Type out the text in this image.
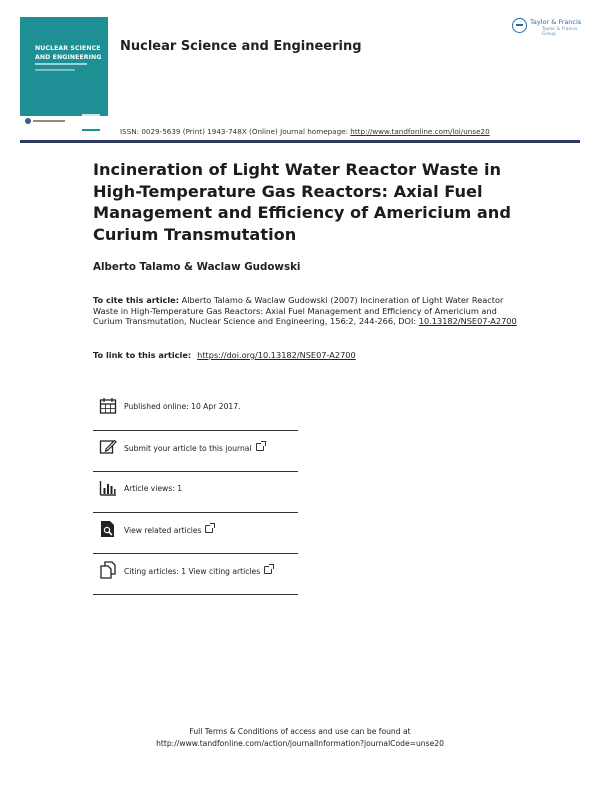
NUCLEAR SCIENCE AND ENGINEERING
Nuclear Science and Engineering
Taylor & Francis
Taylor & Francis Group
ISSN: 0029-5639 (Print) 1943-748X (Online) Journal homepage: http://www.tandfonline.com/loi/unse20
Incineration of Light Water Reactor Waste in High-Temperature Gas Reactors: Axial Fuel Management and Efficiency of Americium and Curium Transmutation
Alberto Talamo & Waclaw Gudowski
To cite this article: Alberto Talamo & Waclaw Gudowski (2007) Incineration of Light Water Reactor Waste in High-Temperature Gas Reactors: Axial Fuel Management and Efficiency of Americium and Curium Transmutation, Nuclear Science and Engineering, 156:2, 244-266, DOI: 10.13182/NSE07-A2700
To link to this article: https://doi.org/10.13182/NSE07-A2700
Published online: 10 Apr 2017.
Submit your article to this journal
Article views: 1
View related articles
Citing articles: 1 View citing articles
Full Terms & Conditions of access and use can be found at
http://www.tandfonline.com/action/journalInformation?journalCode=unse20
